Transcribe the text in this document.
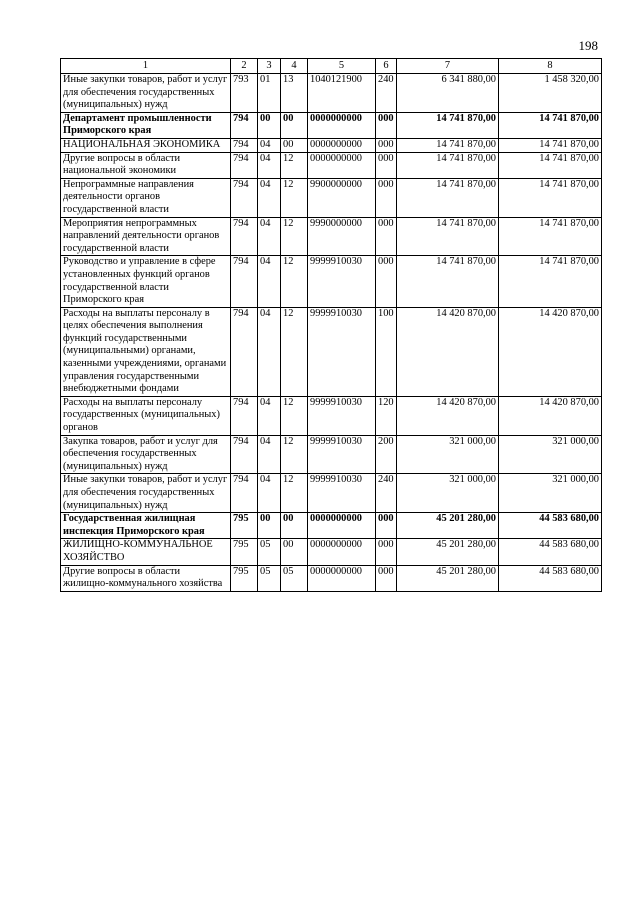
198
1	2	3	4	5	6	7	8
Иные закупки товаров, работ и услуг для обеспечения государственных (муниципальных) нужд	793	01	13	1040121900	240	6 341 880,00	1 458 320,00
Департамент промышленности Приморского края	794	00	00	0000000000	000	14 741 870,00	14 741 870,00
НАЦИОНАЛЬНАЯ ЭКОНОМИКА	794	04	00	0000000000	000	14 741 870,00	14 741 870,00
Другие вопросы в области национальной экономики	794	04	12	0000000000	000	14 741 870,00	14 741 870,00
Непрограммные направления деятельности органов государственной власти	794	04	12	9900000000	000	14 741 870,00	14 741 870,00
Мероприятия непрограммных направлений деятельности органов государственной власти	794	04	12	9990000000	000	14 741 870,00	14 741 870,00
Руководство и управление в сфере установленных функций органов государственной власти Приморского края	794	04	12	9999910030	000	14 741 870,00	14 741 870,00
Расходы на выплаты персоналу в целях обеспечения выполнения функций государственными (муниципальными) органами, казенными учреждениями, органами управления государственными внебюджетными фондами	794	04	12	9999910030	100	14 420 870,00	14 420 870,00
Расходы на выплаты персоналу государственных (муниципальных) органов	794	04	12	9999910030	120	14 420 870,00	14 420 870,00
Закупка товаров, работ и услуг для обеспечения государственных (муниципальных) нужд	794	04	12	9999910030	200	321 000,00	321 000,00
Иные закупки товаров, работ и услуг для обеспечения государственных (муниципальных) нужд	794	04	12	9999910030	240	321 000,00	321 000,00
Государственная жилищная инспекция Приморского края	795	00	00	0000000000	000	45 201 280,00	44 583 680,00
ЖИЛИЩНО-КОММУНАЛЬНОЕ ХОЗЯЙСТВО	795	05	00	0000000000	000	45 201 280,00	44 583 680,00
Другие вопросы в области жилищно-коммунального хозяйства	795	05	05	0000000000	000	45 201 280,00	44 583 680,00
